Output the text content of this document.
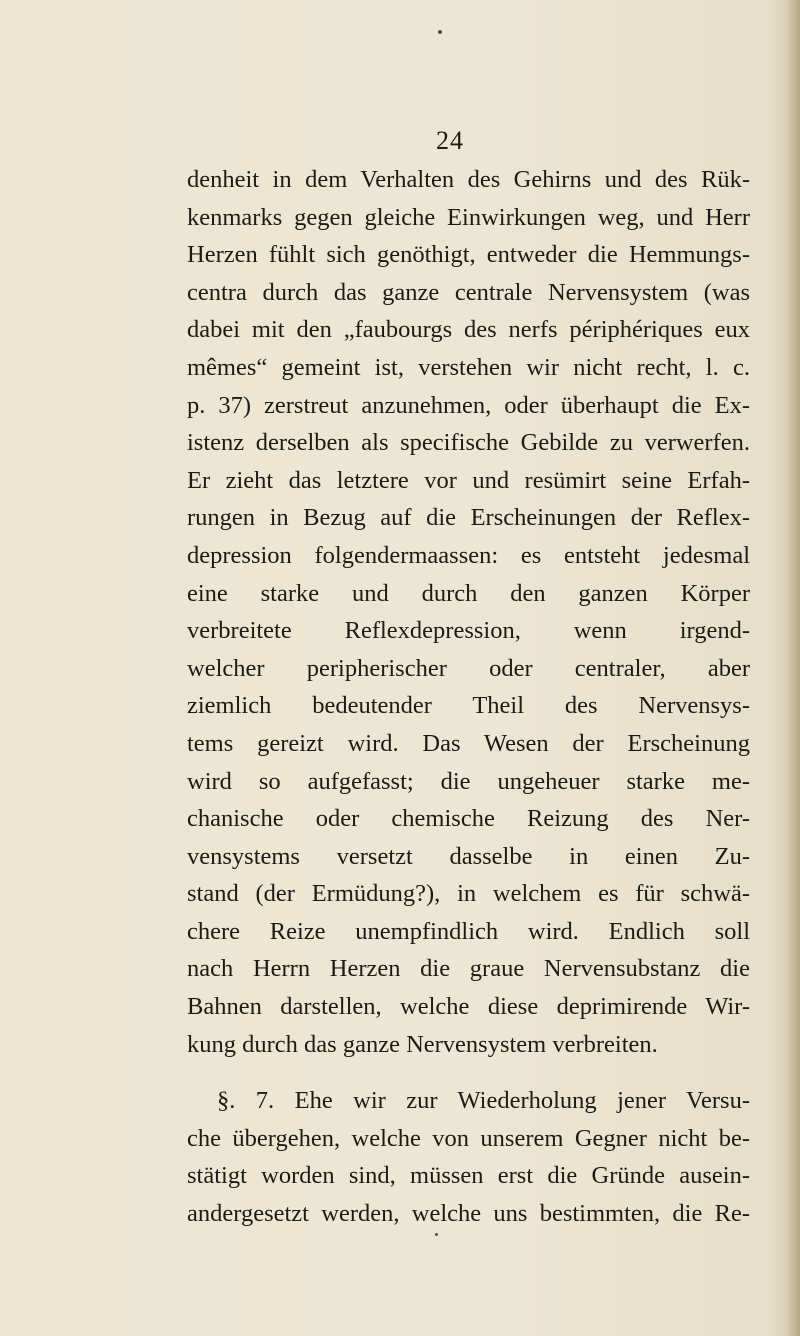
24
denheit in dem Verhalten des Gehirns und des Rük-
kenmarks gegen gleiche Einwirkungen weg, und Herr
Herzen fühlt sich genöthigt, entweder die Hemmungs-
centra durch das ganze centrale Nervensystem (was
dabei mit den „faubourgs des nerfs périphériques eux
mêmes“ gemeint ist, verstehen wir nicht recht, l. c.
p. 37) zerstreut anzunehmen, oder überhaupt die Ex-
istenz derselben als specifische Gebilde zu verwerfen.
Er zieht das letztere vor und resümirt seine Erfah-
rungen in Bezug auf die Erscheinungen der Reflex-
depression folgendermaassen: es entsteht jedesmal
eine starke und durch den ganzen Körper
verbreitete Reflexdepression, wenn irgend-
welcher peripherischer oder centraler, aber
ziemlich bedeutender Theil des Nervensys-
tems gereizt wird. Das Wesen der Erscheinung
wird so aufgefasst; die ungeheuer starke me-
chanische oder chemische Reizung des Ner-
vensystems versetzt dasselbe in einen Zu-
stand (der Ermüdung?), in welchem es für schwä-
chere Reize unempfindlich wird. Endlich soll
nach Herrn Herzen die graue Nervensubstanz die
Bahnen darstellen, welche diese deprimirende Wir-
kung durch das ganze Nervensystem verbreiten.
§. 7. Ehe wir zur Wiederholung jener Versu-
che übergehen, welche von unserem Gegner nicht be-
stätigt worden sind, müssen erst die Gründe ausein-
andergesetzt werden, welche uns bestimmten, die Re-
